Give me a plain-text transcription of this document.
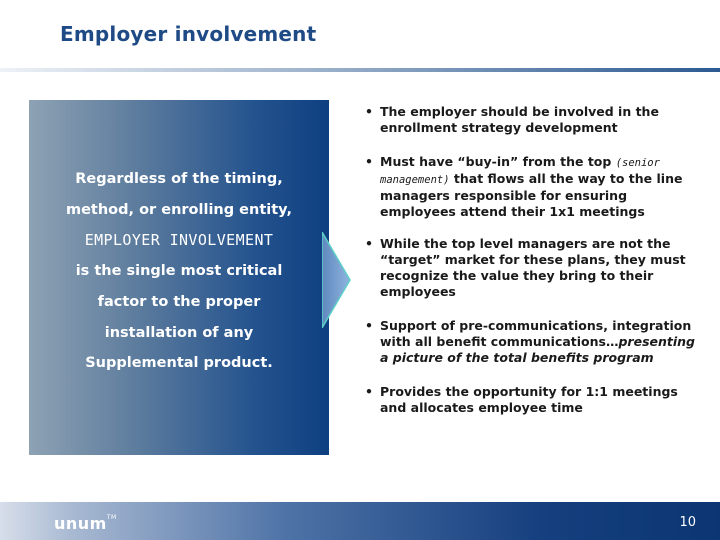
Employer involvement
Regardless of the timing,
method, or enrolling entity,
EMPLOYER INVOLVEMENT
is the single most critical
factor to the proper
installation of any
Supplemental product.
• The employer should be involved in the enrollment strategy development
• Must have “buy-in” from the top (senior management) that flows all the way to the line managers responsible for ensuring employees attend their 1x1 meetings
• While the top level managers are not the “target” market for these plans, they must recognize the value they bring to their employees
• Support of pre-communications, integration with all benefit communications…presenting a picture of the total benefits program
• Provides the opportunity for 1:1 meetings and allocates employee time
unum™	10
